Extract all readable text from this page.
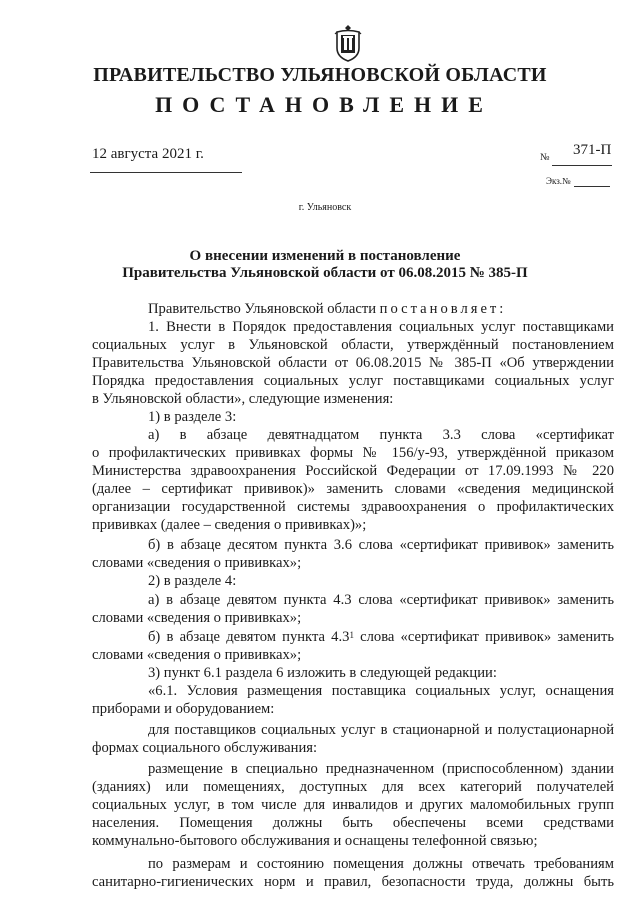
ПРАВИТЕЛЬСТВО УЛЬЯНОВСКОЙ ОБЛАСТИ
ПОСТАНОВЛЕНИЕ
12 августа 2021 г.	№ 371-П
Экз.№
г. Ульяновск
О внесении изменений в постановление
Правительства Ульяновской области от 06.08.2015 № 385-П
Правительство Ульяновской области постановляет:
1. Внести в Порядок предоставления социальных услуг поставщиками
социальных услуг в Ульяновской области, утверждённый постановлением
Правительства Ульяновской области от 06.08.2015 № 385-П «Об утверждении
Порядка предоставления социальных услуг поставщиками социальных услуг
в Ульяновской области», следующие изменения:
1) в разделе 3:
а) в абзаце девятнадцатом пункта 3.3 слова «сертификат
о профилактических прививках формы № 156/у-93, утверждённой приказом
Министерства здравоохранения Российской Федерации от 17.09.1993 № 220
(далее – сертификат прививок)» заменить словами «сведения медицинской
организации государственной системы здравоохранения о профилактических
прививках (далее – сведения о прививках)»;
б) в абзаце десятом пункта 3.6 слова «сертификат прививок» заменить
словами «сведения о прививках»;
2) в разделе 4:
а) в абзаце девятом пункта 4.3 слова «сертификат прививок» заменить
словами «сведения о прививках»;
б) в абзаце девятом пункта $4.3^1$ слова «сертификат прививок» заменить
словами «сведения о прививках»;
3) пункт 6.1 раздела 6 изложить в следующей редакции:
«6.1. Условия размещения поставщика социальных услуг, оснащения
приборами и оборудованием:
для поставщиков социальных услуг в стационарной и полустационарной
формах социального обслуживания:
размещение в специально предназначенном (приспособленном) здании
(зданиях) или помещениях, доступных для всех категорий получателей
социальных услуг, в том числе для инвалидов и других маломобильных групп
населения. Помещения должны быть обеспечены всеми средствами
коммунально-бытового обслуживания и оснащены телефонной связью;
по размерам и состоянию помещения должны отвечать требованиям
санитарно-гигиенических норм и правил, безопасности труда, должны быть
